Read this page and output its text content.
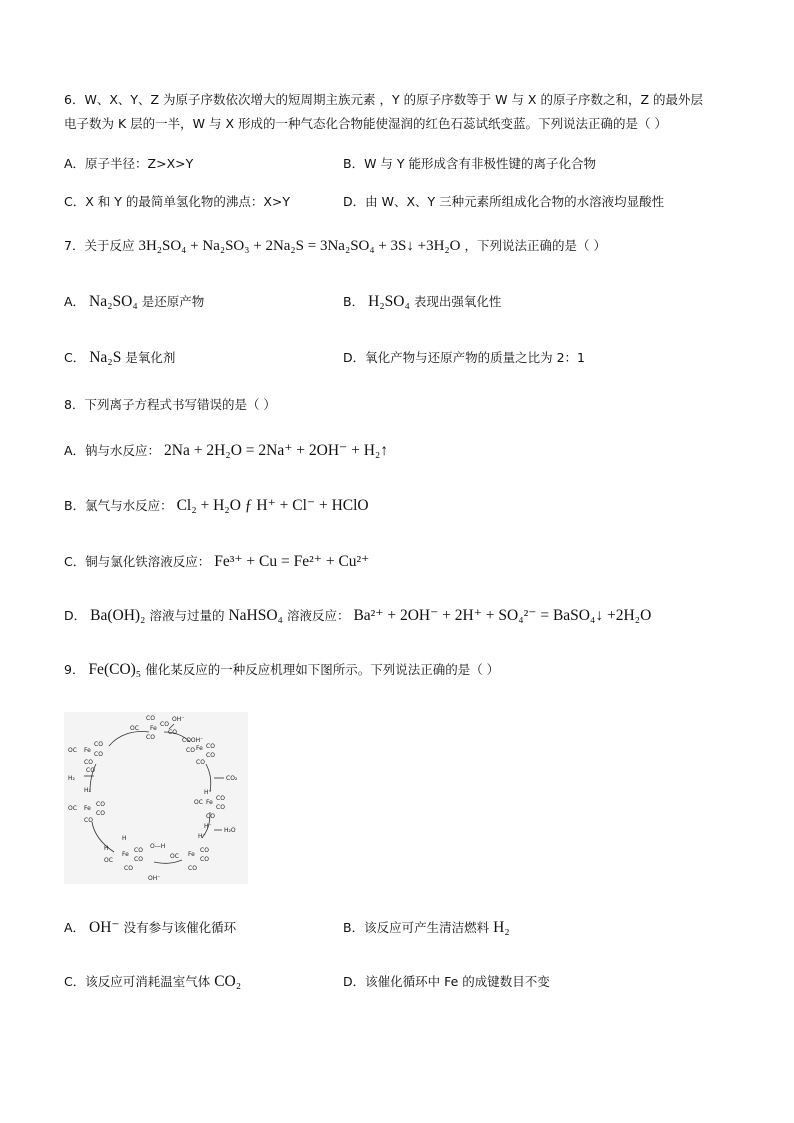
6．W、X、Y、Z 为原子序数依次增大的短周期主族元素 ，Y 的原子序数等于 W 与 X 的原子序数之和，Z 的最外层
电子数为 K 层的一半，W 与 X 形成的一种气态化合物能使湿润的红色石蕊试纸变蓝。下列说法正确的是（ ）
A．原子半径：Z>X>Y	B．W 与 Y 能形成含有非极性键的离子化合物
C．X 和 Y 的最简单氢化物的沸点：X>Y	D．由 W、X、Y 三种元素所组成化合物的水溶液均显酸性
7．关于反应 3H₂SO₄ + Na₂SO₃ + 2Na₂S = 3Na₂SO₄ + 3S↓ +3H₂O ，下列说法正确的是（ ）
A． Na₂SO₄ 是还原产物	B． H₂SO₄ 表现出强氧化性
C． Na₂S 是氧化剂	D．氧化产物与还原产物的质量之比为 2：1
8．下列离子方程式书写错误的是（ ）
A．钠与水反应： 2Na + 2H₂O = 2Na⁺ + 2OH⁻ + H₂↑
B．氯气与水反应： Cl₂ + H₂O ƒ H⁺ + Cl⁻ + HClO
C．铜与氯化铁溶液反应： Fe³⁺ + Cu = Fe²⁺ + Cu²⁺
D． Ba(OH)₂ 溶液与过量的 NaHSO₄ 溶液反应： Ba²⁺ + 2OH⁻ + 2H⁺ + SO₄²⁻ = BaSO₄↓ +2H₂O
9． Fe(CO)₅ 催化某反应的一种反应机理如下图所示。下列说法正确的是（ ）
CO
OC Fe
CO
OH⁻
CO
CO
OC Fe
CO
CO
CO
H₂
CO
COOH⁻
CO Fe CO
CO
CO
CO₂
H₂
OC Fe
CO
CO
CO
H⁻
OC Fe
CO
CO
CO
H⁻
H₂O
H
H
OC
Fe
CO
CO
CO
O—H
OH⁻
H⁻
OC Fe
CO
CO
CO
A． OH⁻ 没有参与该催化循环	B．该反应可产生清洁燃料 H₂
C．该反应可消耗温室气体 CO₂	D．该催化循环中 Fe 的成键数目不变
